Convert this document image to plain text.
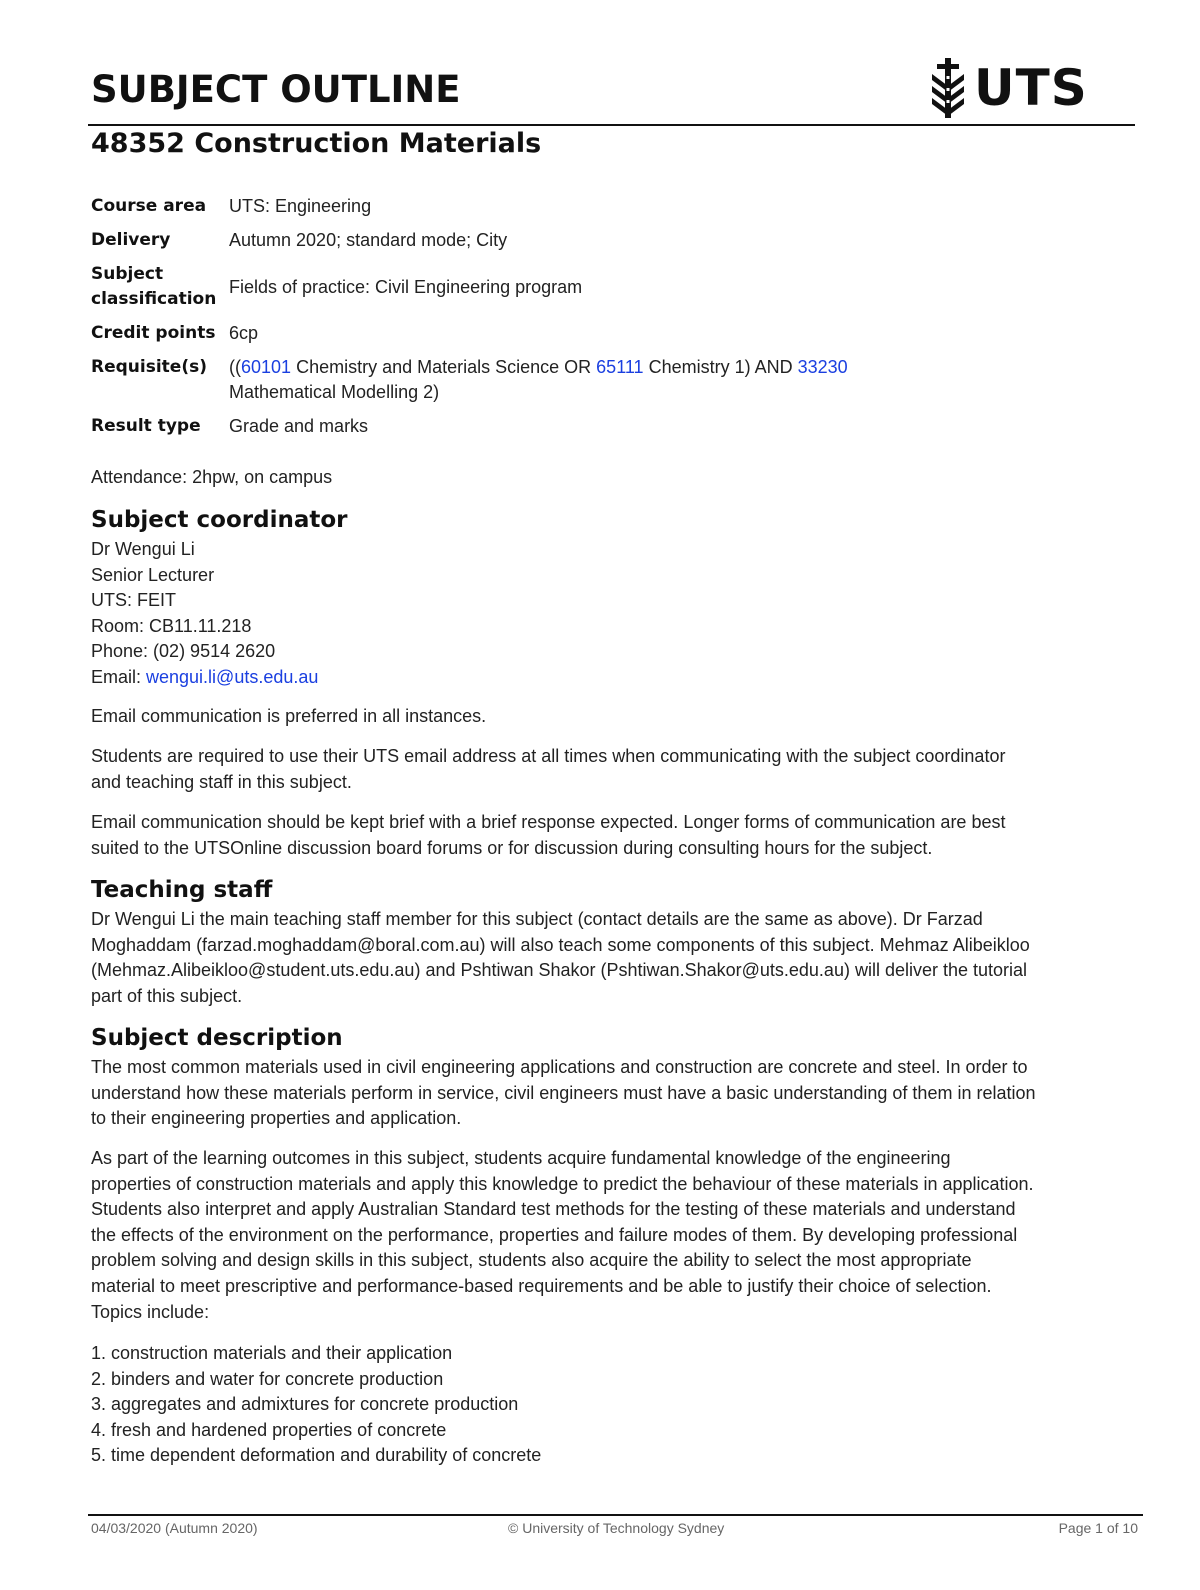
SUBJECT OUTLINE	UTS
48352 Construction Materials
Course area	UTS: Engineering
Delivery	Autumn 2020; standard mode; City
Subject
classification	Fields of practice: Civil Engineering program
Credit points	6cp
Requisite(s)	((60101 Chemistry and Materials Science OR 65111 Chemistry 1) AND 33230
Mathematical Modelling 2)
Result type	Grade and marks

Attendance: 2hpw, on campus

Subject coordinator
Dr Wengui Li
Senior Lecturer
UTS: FEIT
Room: CB11.11.218
Phone: (02) 9514 2620
Email: wengui.li@uts.edu.au

Email communication is preferred in all instances.

Students are required to use their UTS email address at all times when communicating with the subject coordinator
and teaching staff in this subject.

Email communication should be kept brief with a brief response expected. Longer forms of communication are best
suited to the UTSOnline discussion board forums or for discussion during consulting hours for the subject.

Teaching staff

Dr Wengui Li the main teaching staff member for this subject (contact details are the same as above). Dr Farzad
Moghaddam (farzad.moghaddam@boral.com.au) will also teach some components of this subject. Mehmaz Alibeikloo
(Mehmaz.Alibeikloo@student.uts.edu.au) and Pshtiwan Shakor (Pshtiwan.Shakor@uts.edu.au) will deliver the tutorial
part of this subject.

Subject description

The most common materials used in civil engineering applications and construction are concrete and steel. In order to
understand how these materials perform in service, civil engineers must have a basic understanding of them in relation
to their engineering properties and application.

As part of the learning outcomes in this subject, students acquire fundamental knowledge of the engineering
properties of construction materials and apply this knowledge to predict the behaviour of these materials in application.
Students also interpret and apply Australian Standard test methods for the testing of these materials and understand
the effects of the environment on the performance, properties and failure modes of them. By developing professional
problem solving and design skills in this subject, students also acquire the ability to select the most appropriate
material to meet prescriptive and performance-based requirements and be able to justify their choice of selection.
Topics include:

1. construction materials and their application
2. binders and water for concrete production
3. aggregates and admixtures for concrete production
4. fresh and hardened properties of concrete
5. time dependent deformation and durability of concrete

04/03/2020 (Autumn 2020)	© University of Technology Sydney	Page 1 of 10
